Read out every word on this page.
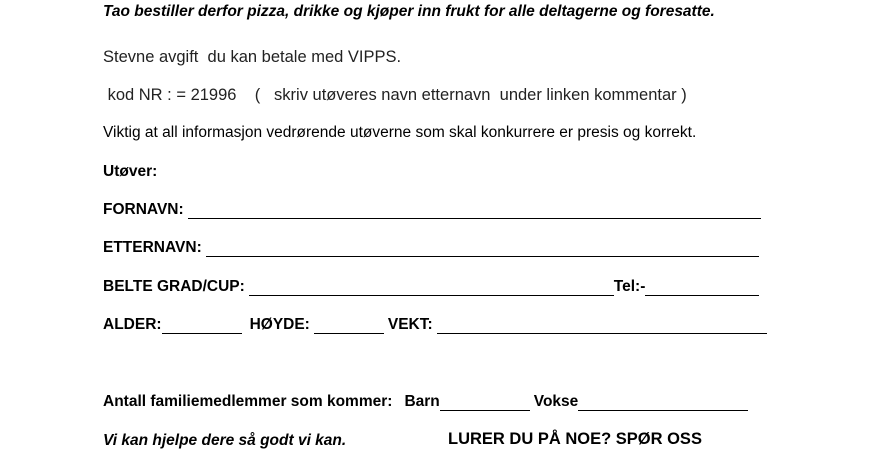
Tao bestiller derfor pizza, drikke og kjøper inn frukt for alle deltagerne og foresatte.
Stevne avgift  du kan betale med VIPPS.
kod NR : = 21996    (   skriv utøveres navn etternavn  under linken kommentar )
Viktig at all informasjon vedrørende utøverne som skal konkurrere er presis og korrekt.
Utøver:
FORNAVN:
ETTERNAVN:
BELTE GRAD/CUP:	Tel:-
ALDER:	HØYDE:	VEKT:
Antall familiemedlemmer som kommer: Barn	Vokse
Vi kan hjelpe dere så godt vi kan.	LURER DU PÅ NOE? SPØR OSS
